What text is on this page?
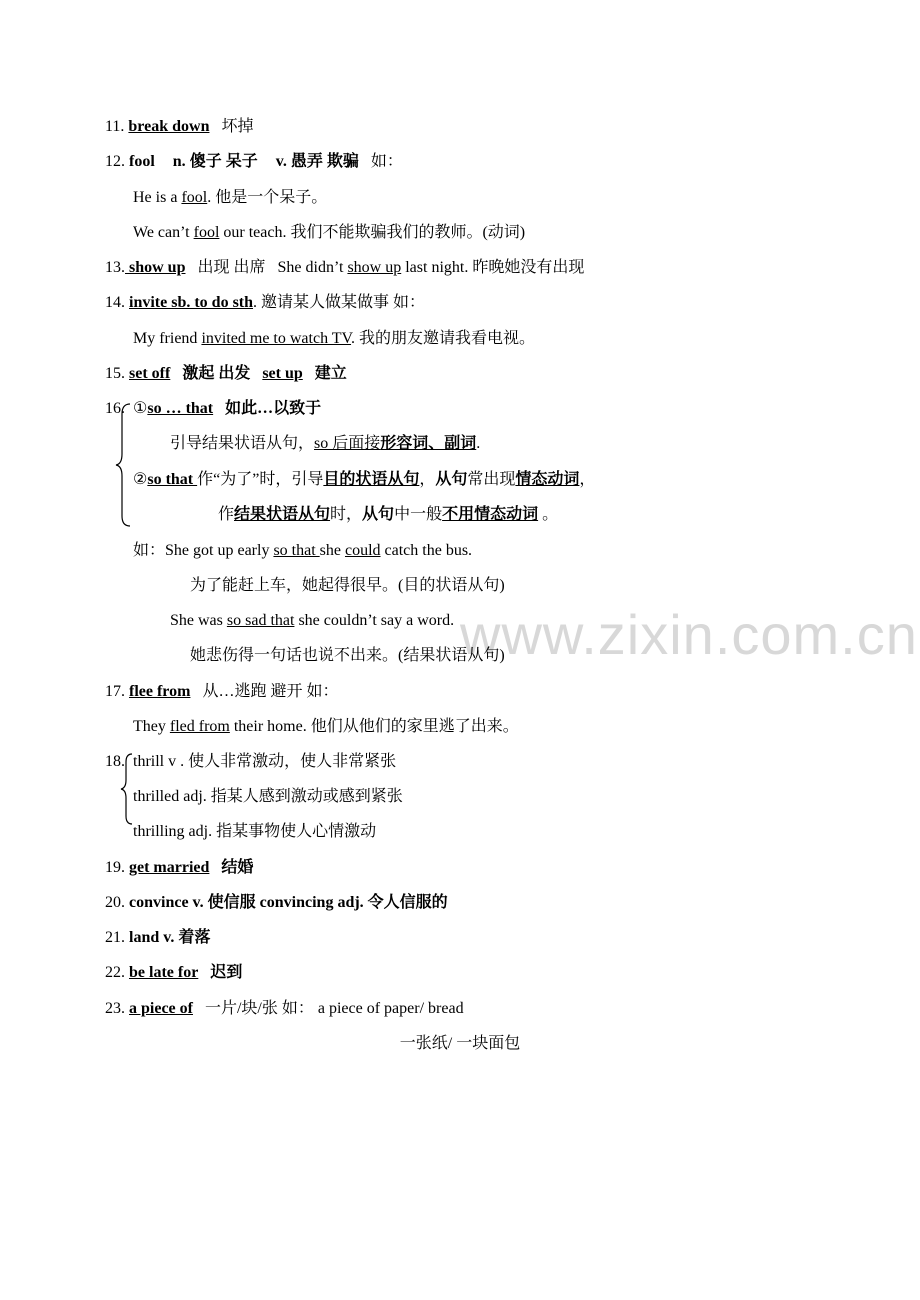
www.zixin.com.cn
11. break down 坏掉
12. fool n. 傻子 呆子 v. 愚弄 欺骗 如：
He is a fool. 他是一个呆子。
We can’t fool our teach. 我们不能欺骗我们的教师。(动词)
13. show up 出现 出席 She didn’t show up last night. 昨晚她没有出现
14. invite sb. to do sth. 邀请某人做某做事 如：
My friend invited me to watch TV. 我的朋友邀请我看电视。
15. set off 激起 出发 set up 建立
16. ①so … that 如此…以致于
引导结果状语从句，so 后面接形容词、副词.
②so that 作“为了”时，引导目的状语从句，从句常出现情态动词，
作结果状语从句时，从句中一般不用情态动词 。
如：She got up early so that she could catch the bus.
为了能赶上车，她起得很早。(目的状语从句)
She was so sad that she couldn’t say a word.
她悲伤得一句话也说不出来。(结果状语从句)
17. flee from 从…逃跑 避开 如：
They fled from their home. 他们从他们的家里逃了出来。
18. thrill v . 使人非常激动，使人非常紧张
thrilled adj. 指某人感到激动或感到紧张
thrilling adj. 指某事物使人心情激动
19. get married 结婚
20. convince v. 使信服 convincing adj. 令人信服的
21. land v. 着落
22. be late for 迟到
23. a piece of 一片/块/张 如： a piece of paper/ bread
一张纸/ 一块面包
